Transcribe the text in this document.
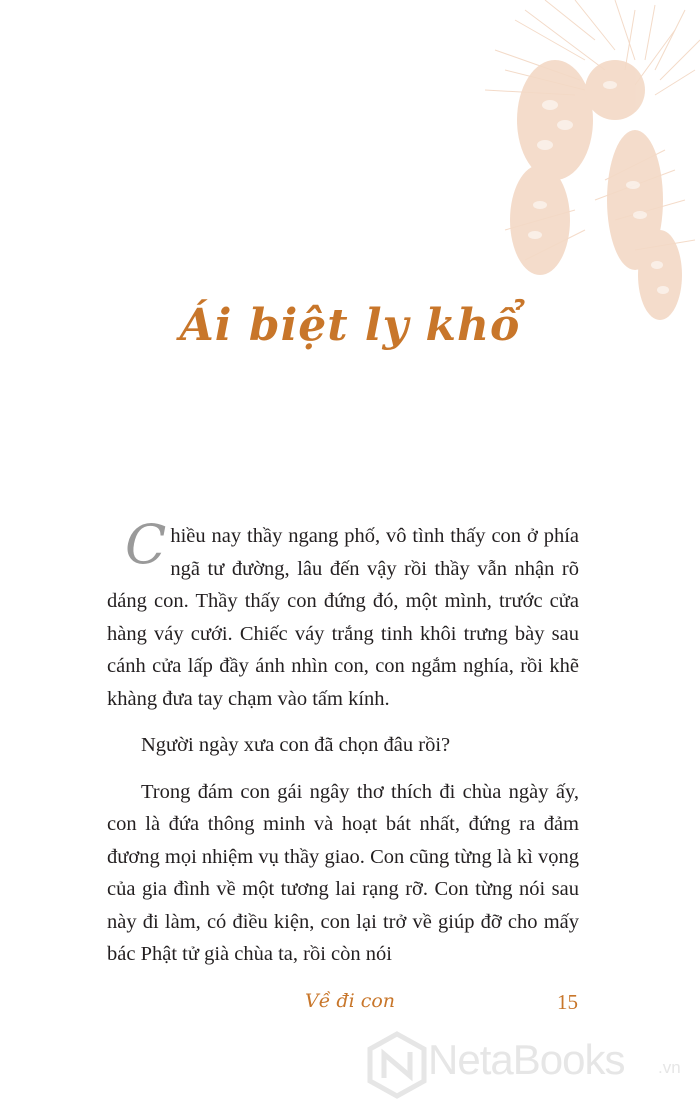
Ái biệt ly khổ

Chiều nay thầy ngang phố, vô tình thấy con ở phía ngã tư đường, lâu đến vậy rồi thầy vẫn nhận rõ dáng con. Thầy thấy con đứng đó, một mình, trước cửa hàng váy cưới. Chiếc váy trắng tinh khôi trưng bày sau cánh cửa lấp đầy ánh nhìn con, con ngắm nghía, rồi khẽ khàng đưa tay chạm vào tấm kính.

Người ngày xưa con đã chọn đâu rồi?

Trong đám con gái ngây thơ thích đi chùa ngày ấy, con là đứa thông minh và hoạt bát nhất, đứng ra đảm đương mọi nhiệm vụ thầy giao. Con cũng từng là kì vọng của gia đình về một tương lai rạng rỡ. Con từng nói sau này đi làm, có điều kiện, con lại trở về giúp đỡ cho mấy bác Phật tử già chùa ta, rồi còn nói

Về đi con	15
NetaBooks .vn
